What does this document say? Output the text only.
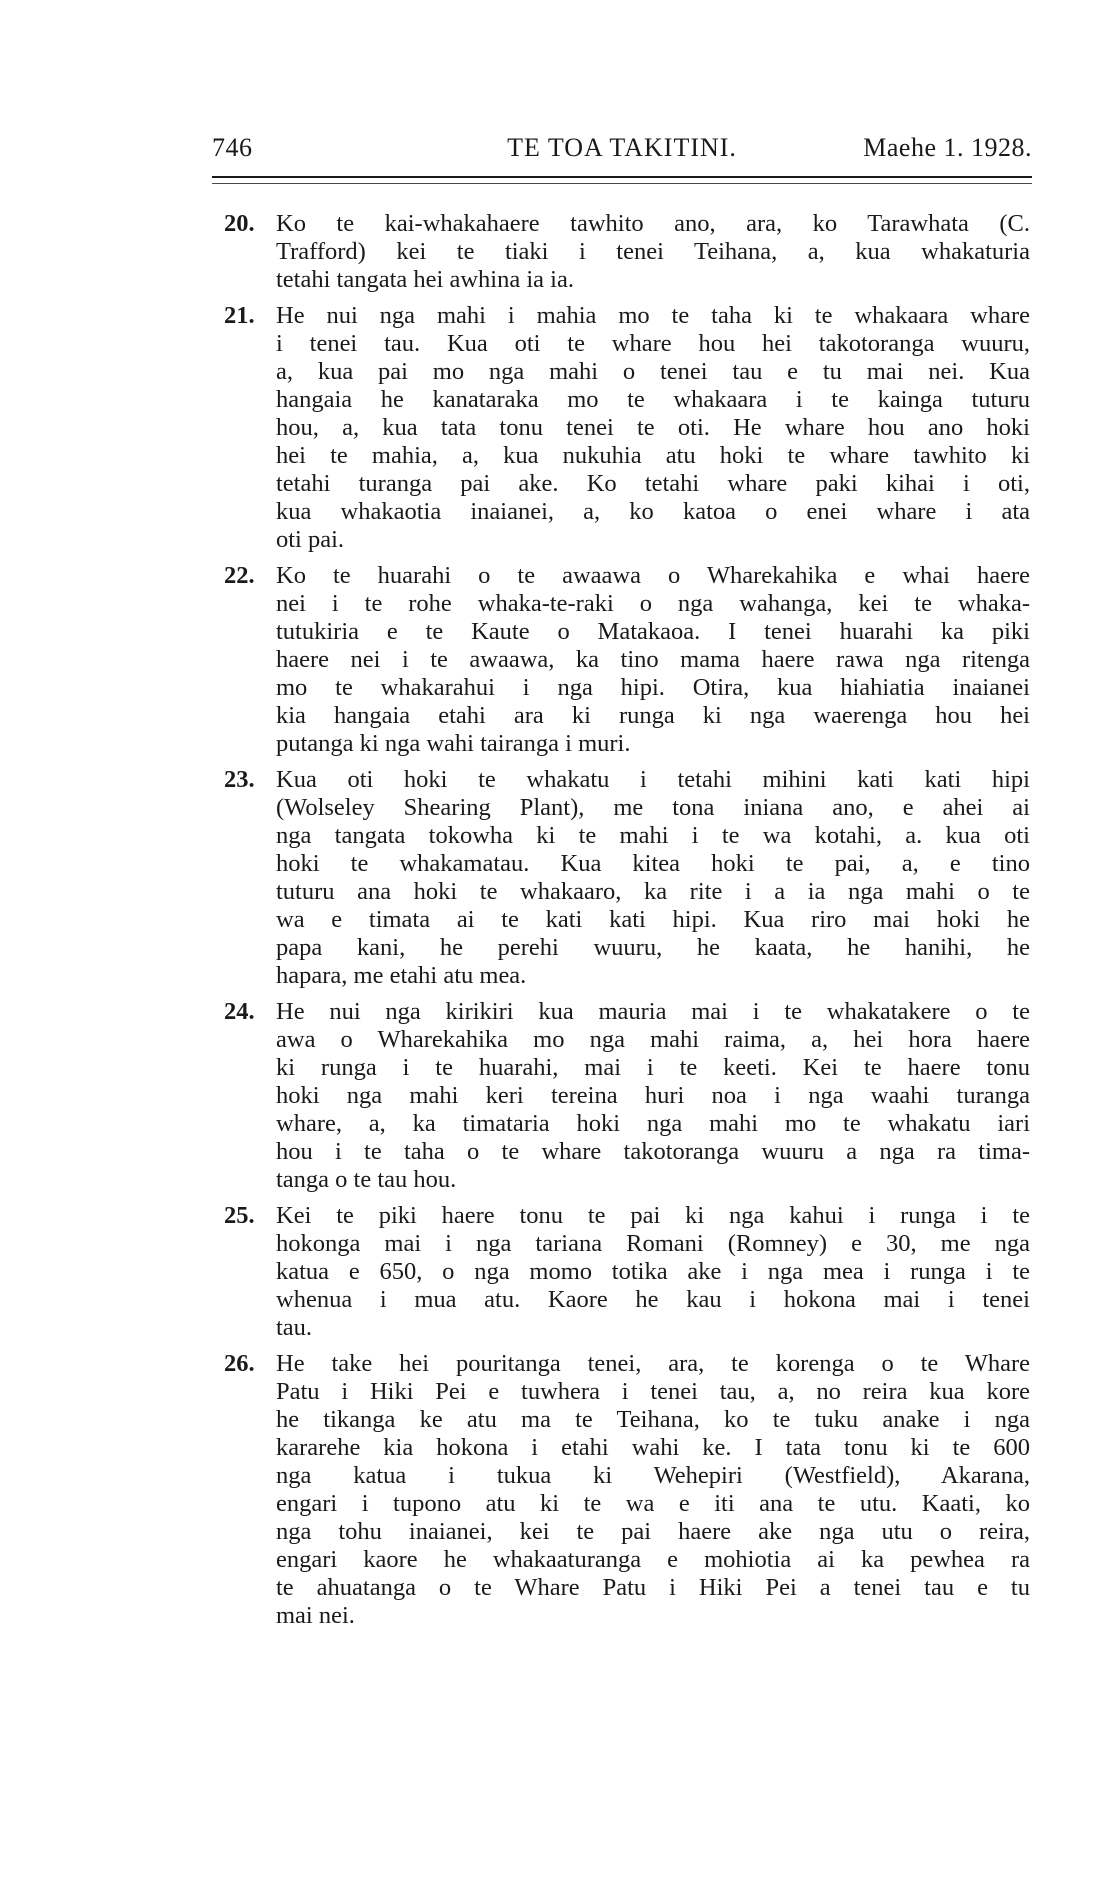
746	TE TOA TAKITINI.	Maehe 1. 1928.
20. Ko te kai-whakahaere tawhito ano, ara, ko Tarawhata (C.
Trafford) kei te tiaki i tenei Teihana, a, kua whakaturia
tetahi tangata hei awhina ia ia.
21. He nui nga mahi i mahia mo te taha ki te whakaara whare
i tenei tau. Kua oti te whare hou hei takotoranga wuuru,
a, kua pai mo nga mahi o tenei tau e tu mai nei. Kua
hangaia he kanataraka mo te whakaara i te kainga tuturu
hou, a, kua tata tonu tenei te oti. He whare hou ano hoki
hei te mahia, a, kua nukuhia atu hoki te whare tawhito ki
tetahi turanga pai ake. Ko tetahi whare paki kihai i oti,
kua whakaotia inaianei, a, ko katoa o enei whare i ata
oti pai.
22. Ko te huarahi o te awaawa o Wharekahika e whai haere
nei i te rohe whaka-te-raki o nga wahanga, kei te whaka-
tutukiria e te Kaute o Matakaoa. I tenei huarahi ka piki
haere nei i te awaawa, ka tino mama haere rawa nga ritenga
mo te whakarahui i nga hipi. Otira, kua hiahiatia inaianei
kia hangaia etahi ara ki runga ki nga waerenga hou hei
putanga ki nga wahi tairanga i muri.
23. Kua oti hoki te whakatu i tetahi mihini kati kati hipi
(Wolseley Shearing Plant), me tona iniana ano, e ahei ai
nga tangata tokowha ki te mahi i te wa kotahi, a. kua oti
hoki te whakamatau. Kua kitea hoki te pai, a, e tino
tuturu ana hoki te whakaaro, ka rite i a ia nga mahi o te
wa e timata ai te kati kati hipi. Kua riro mai hoki he
papa kani, he perehi wuuru, he kaata, he hanihi, he
hapara, me etahi atu mea.
24. He nui nga kirikiri kua mauria mai i te whakatakere o te
awa o Wharekahika mo nga mahi raima, a, hei hora haere
ki runga i te huarahi, mai i te keeti. Kei te haere tonu
hoki nga mahi keri tereina huri noa i nga waahi turanga
whare, a, ka timataria hoki nga mahi mo te whakatu iari
hou i te taha o te whare takotoranga wuuru a nga ra tima-
tanga o te tau hou.
25. Kei te piki haere tonu te pai ki nga kahui i runga i te
hokonga mai i nga tariana Romani (Romney) e 30, me nga
katua e 650, o nga momo totika ake i nga mea i runga i te
whenua i mua atu. Kaore he kau i hokona mai i tenei
tau.
26. He take hei pouritanga tenei, ara, te korenga o te Whare
Patu i Hiki Pei e tuwhera i tenei tau, a, no reira kua kore
he tikanga ke atu ma te Teihana, ko te tuku anake i nga
kararehe kia hokona i etahi wahi ke. I tata tonu ki te 600
nga katua i tukua ki Wehepiri (Westfield), Akarana,
engari i tupono atu ki te wa e iti ana te utu. Kaati, ko
nga tohu inaianei, kei te pai haere ake nga utu o reira,
engari kaore he whakaaturanga e mohiotia ai ka pewhea ra
te ahuatanga o te Whare Patu i Hiki Pei a tenei tau e tu
mai nei.
